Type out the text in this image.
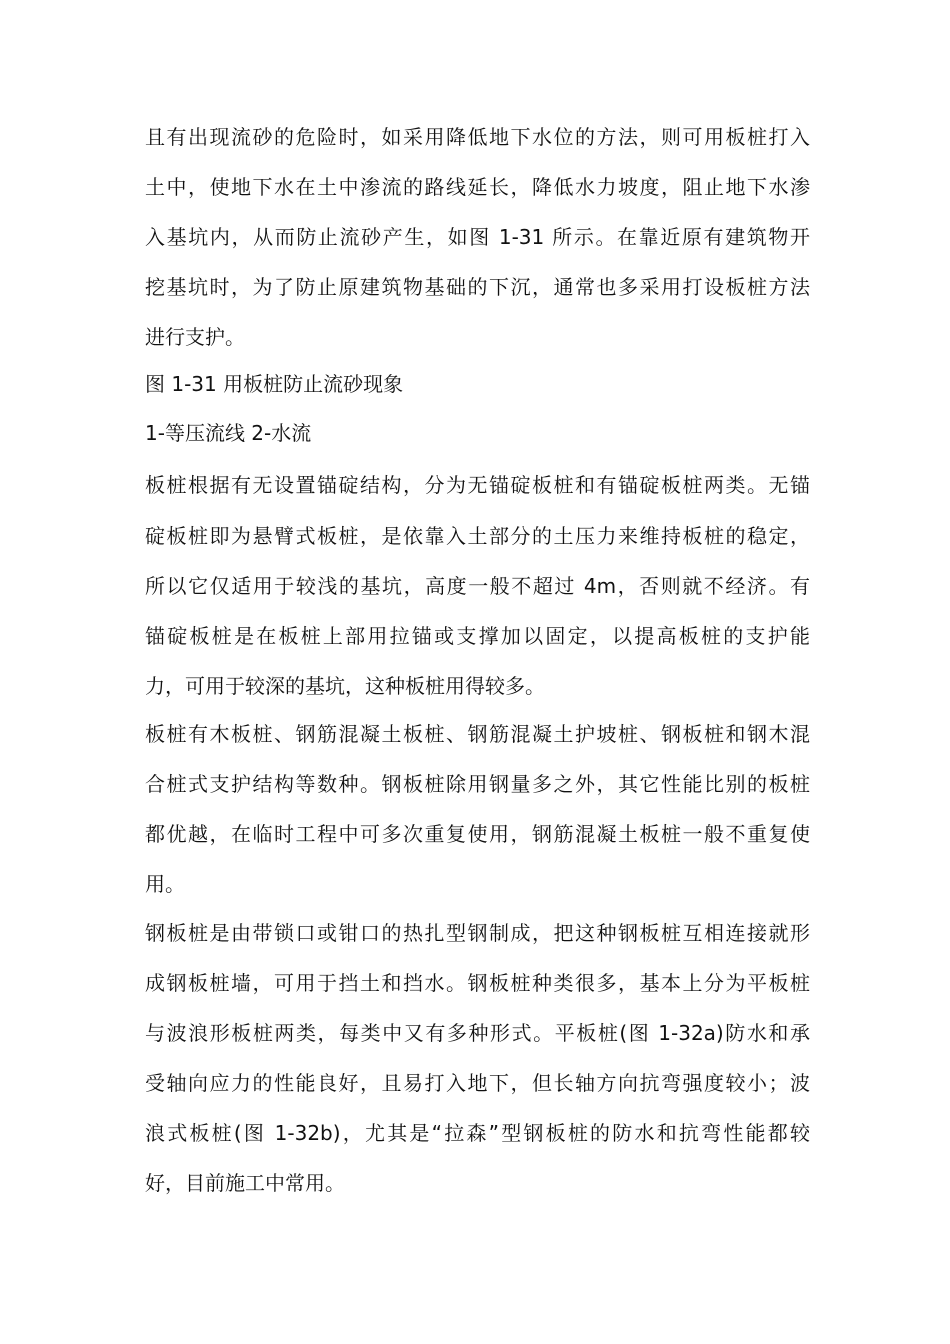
且有出现流砂的危险时，如采用降低地下水位的方法，则可用板桩打入
土中，使地下水在土中渗流的路线延长，降低水力坡度，阻止地下水渗
入基坑内，从而防止流砂产生，如图 1-31 所示。在靠近原有建筑物开
挖基坑时，为了防止原建筑物基础的下沉，通常也多采用打设板桩方法
进行支护。
图 1-31 用板桩防止流砂现象
1-等压流线 2-水流
板桩根据有无设置锚碇结构，分为无锚碇板桩和有锚碇板桩两类。无锚
碇板桩即为悬臂式板桩，是依靠入土部分的土压力来维持板桩的稳定，
所以它仅适用于较浅的基坑，高度一般不超过 4m，否则就不经济。有
锚碇板桩是在板桩上部用拉锚或支撑加以固定，以提高板桩的支护能
力，可用于较深的基坑，这种板桩用得较多。
板桩有木板桩、钢筋混凝土板桩、钢筋混凝土护坡桩、钢板桩和钢木混
合桩式支护结构等数种。钢板桩除用钢量多之外，其它性能比别的板桩
都优越，在临时工程中可多次重复使用，钢筋混凝土板桩一般不重复使
用。
钢板桩是由带锁口或钳口的热扎型钢制成，把这种钢板桩互相连接就形
成钢板桩墙，可用于挡土和挡水。钢板桩种类很多，基本上分为平板桩
与波浪形板桩两类，每类中又有多种形式。平板桩(图 1-32a)防水和承
受轴向应力的性能良好，且易打入地下，但长轴方向抗弯强度较小；波
浪式板桩(图 1-32b)，尤其是“拉森”型钢板桩的防水和抗弯性能都较
好，目前施工中常用。
